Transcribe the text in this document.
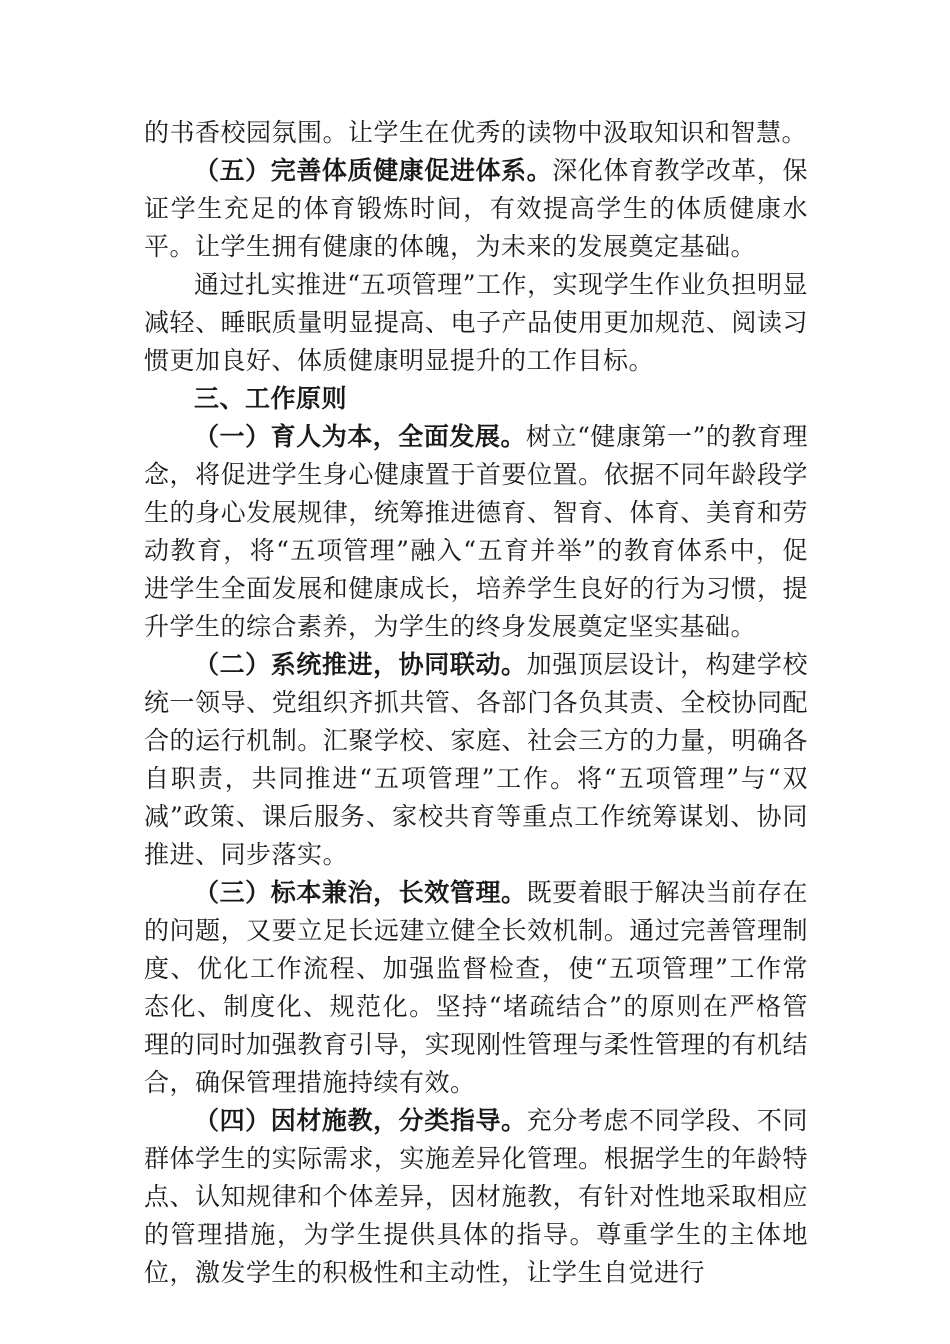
的书香校园氛围。让学生在优秀的读物中汲取知识和智慧。

（五）完善体质健康促进体系。深化体育教学改革，保证学生充足的体育锻炼时间，有效提高学生的体质健康水平。让学生拥有健康的体魄，为未来的发展奠定基础。

通过扎实推进“五项管理”工作，实现学生作业负担明显减轻、睡眠质量明显提高、电子产品使用更加规范、阅读习惯更加良好、体质健康明显提升的工作目标。

三、工作原则

（一）育人为本，全面发展。树立“健康第一”的教育理念，将促进学生身心健康置于首要位置。依据不同年龄段学生的身心发展规律，统筹推进德育、智育、体育、美育和劳动教育，将“五项管理”融入“五育并举”的教育体系中，促进学生全面发展和健康成长，培养学生良好的行为习惯，提升学生的综合素养，为学生的终身发展奠定坚实基础。

（二）系统推进，协同联动。加强顶层设计，构建学校统一领导、党组织齐抓共管、各部门各负其责、全校协同配合的运行机制。汇聚学校、家庭、社会三方的力量，明确各自职责，共同推进“五项管理”工作。将“五项管理”与“双减”政策、课后服务、家校共育等重点工作统筹谋划、协同推进、同步落实。

（三）标本兼治，长效管理。既要着眼于解决当前存在的问题，又要立足长远建立健全长效机制。通过完善管理制度、优化工作流程、加强监督检查，使“五项管理”工作常态化、制度化、规范化。坚持“堵疏结合”的原则在严格管理的同时加强教育引导，实现刚性管理与柔性管理的有机结合，确保管理措施持续有效。

（四）因材施教，分类指导。充分考虑不同学段、不同群体学生的实际需求，实施差异化管理。根据学生的年龄特点、认知规律和个体差异，因材施教，有针对性地采取相应的管理措施，为学生提供具体的指导。尊重学生的主体地位，激发学生的积极性和主动性，让学生自觉进行
